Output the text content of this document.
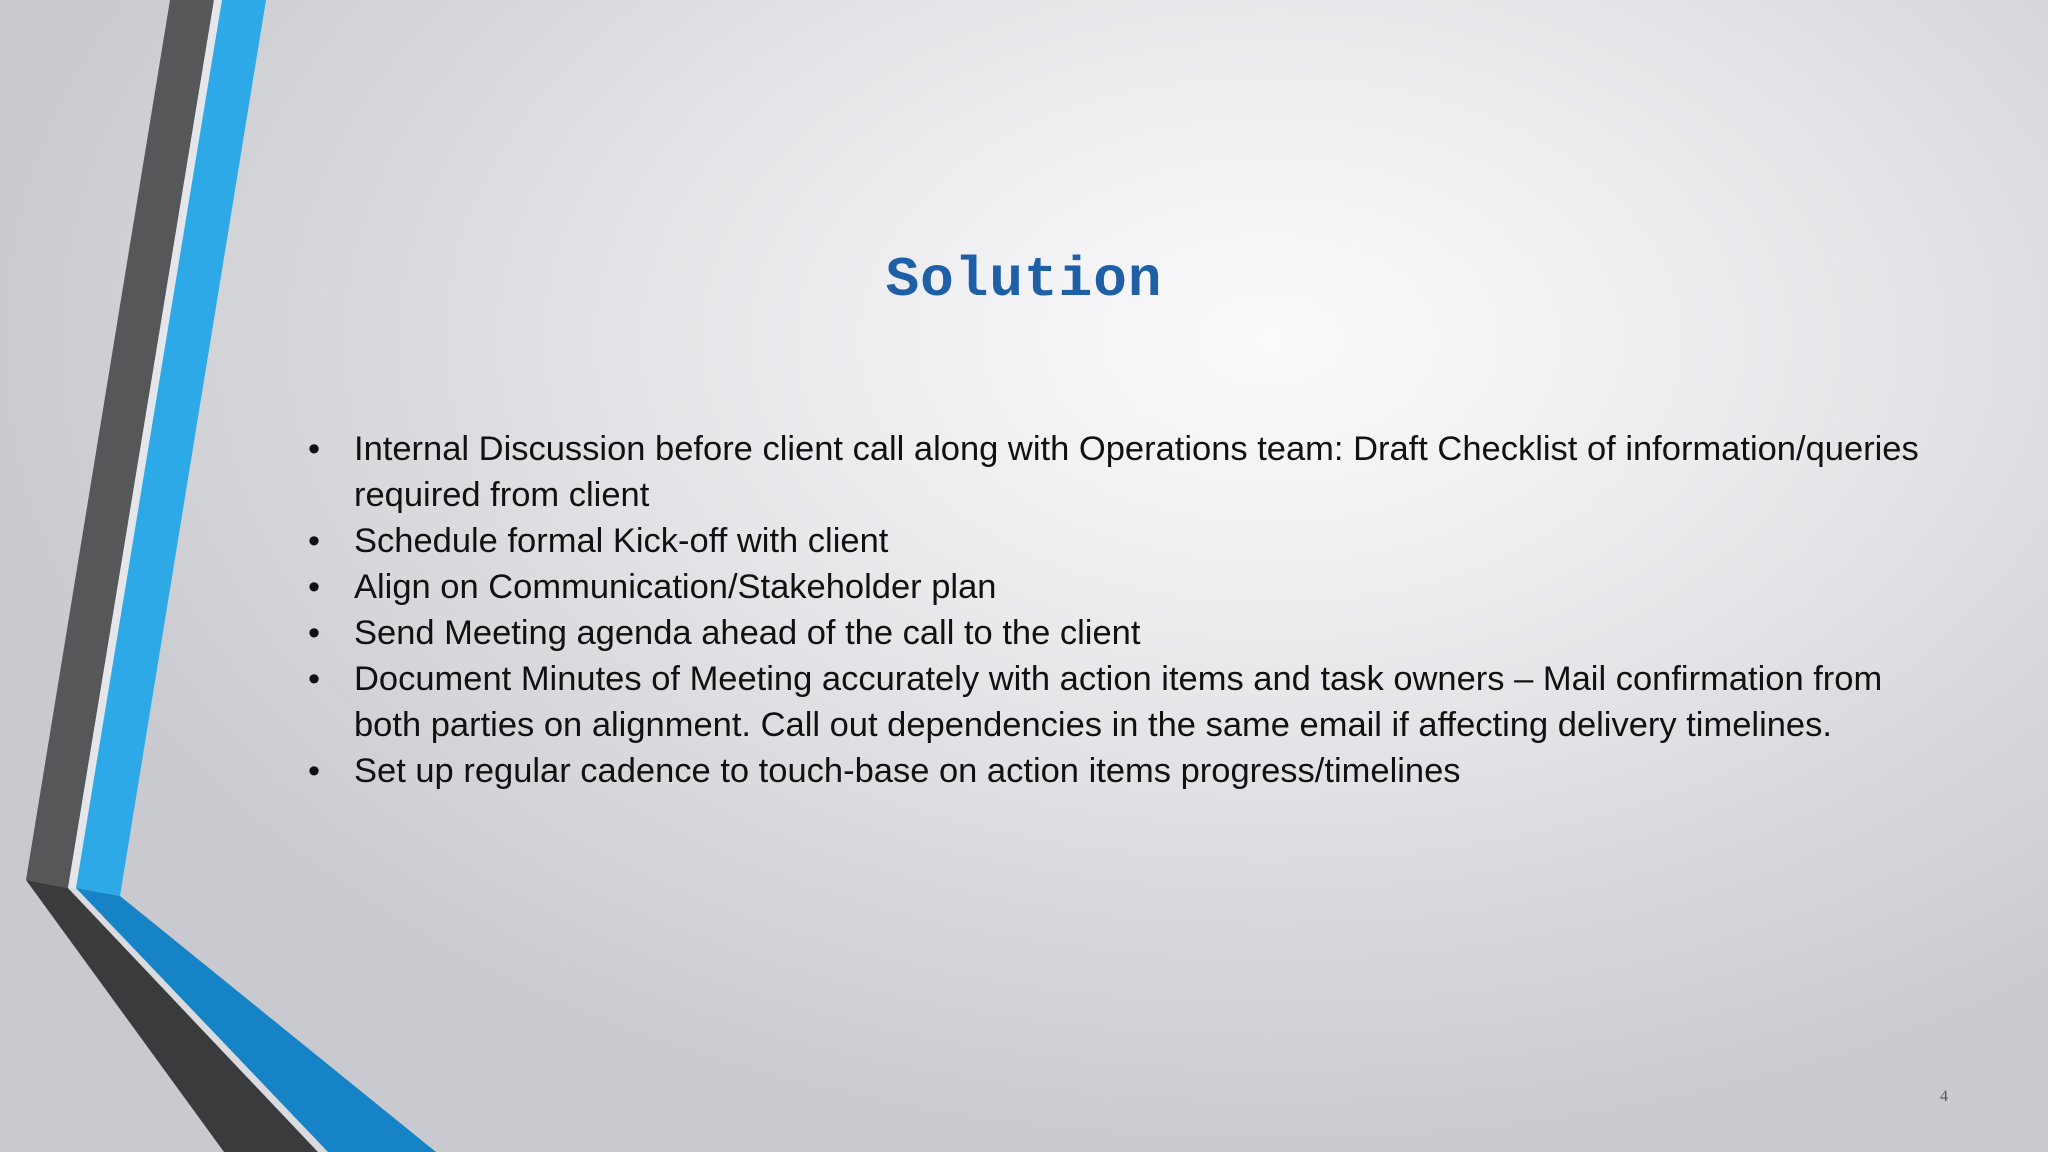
Solution
• Internal Discussion before client call along with Operations team: Draft Checklist of information/queries required from client
• Schedule formal Kick-off with client
• Align on Communication/Stakeholder plan
• Send Meeting agenda ahead of the call to the client
• Document Minutes of Meeting accurately with action items and task owners – Mail confirmation from both parties on alignment. Call out dependencies in the same email if affecting delivery timelines.
• Set up regular cadence to touch-base on action items progress/timelines
4
